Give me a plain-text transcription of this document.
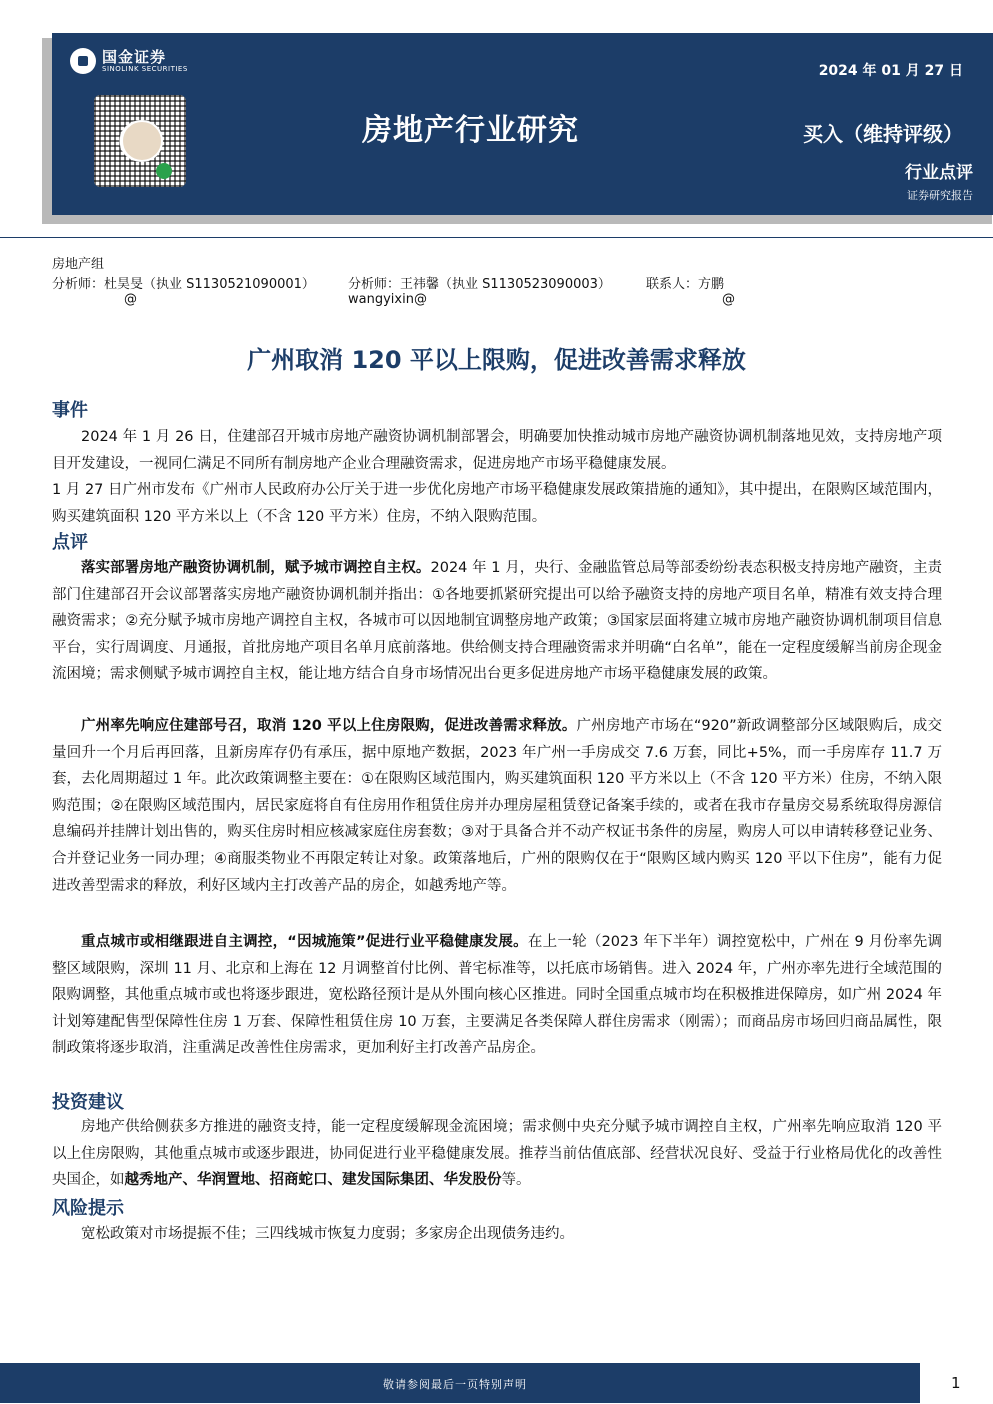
国金证券
SINOLINK SECURITIES	2024 年 01 月 27 日
房地产行业研究	买入（维持评级）
行业点评
证券研究报告
房地产组
分析师：杜昊旻（执业 S1130521090001）
@
分析师：王祎馨（执业 S1130523090003）
wangyixin@
联系人：方鹏
@
广州取消 120 平以上限购，促进改善需求释放
事件
2024 年 1 月 26 日，住建部召开城市房地产融资协调机制部署会，明确要加快推动城市房地产融资协调机制落地见效，支持房地产项目开发建设，一视同仁满足不同所有制房地产企业合理融资需求，促进房地产市场平稳健康发展。
1 月 27 日广州市发布《广州市人民政府办公厅关于进一步优化房地产市场平稳健康发展政策措施的通知》，其中提出，在限购区域范围内，购买建筑面积 120 平方米以上（不含 120 平方米）住房，不纳入限购范围。
点评
落实部署房地产融资协调机制，赋予城市调控自主权。2024 年 1 月，央行、金融监管总局等部委纷纷表态积极支持房地产融资，主责部门住建部召开会议部署落实房地产融资协调机制并指出：①各地要抓紧研究提出可以给予融资支持的房地产项目名单，精准有效支持合理融资需求；②充分赋予城市房地产调控自主权，各城市可以因地制宜调整房地产政策；③国家层面将建立城市房地产融资协调机制项目信息平台，实行周调度、月通报，首批房地产项目名单月底前落地。供给侧支持合理融资需求并明确“白名单”，能在一定程度缓解当前房企现金流困境；需求侧赋予城市调控自主权，能让地方结合自身市场情况出台更多促进房地产市场平稳健康发展的政策。
广州率先响应住建部号召，取消 120 平以上住房限购，促进改善需求释放。广州房地产市场在“920”新政调整部分区域限购后，成交量回升一个月后再回落，且新房库存仍有承压，据中原地产数据，2023 年广州一手房成交 7.6 万套，同比+5%，而一手房库存 11.7 万套，去化周期超过 1 年。此次政策调整主要在：①在限购区域范围内，购买建筑面积 120 平方米以上（不含 120 平方米）住房，不纳入限购范围；②在限购区域范围内，居民家庭将自有住房用作租赁住房并办理房屋租赁登记备案手续的，或者在我市存量房交易系统取得房源信息编码并挂牌计划出售的，购买住房时相应核减家庭住房套数；③对于具备合并不动产权证书条件的房屋，购房人可以申请转移登记业务、合并登记业务一同办理；④商服类物业不再限定转让对象。政策落地后，广州的限购仅在于“限购区域内购买 120 平以下住房”，能有力促进改善型需求的释放，利好区域内主打改善产品的房企，如越秀地产等。
重点城市或相继跟进自主调控，“因城施策”促进行业平稳健康发展。在上一轮（2023 年下半年）调控宽松中，广州在 9 月份率先调整区域限购，深圳 11 月、北京和上海在 12 月调整首付比例、普宅标准等，以托底市场销售。进入 2024 年，广州亦率先进行全域范围的限购调整，其他重点城市或也将逐步跟进，宽松路径预计是从外围向核心区推进。同时全国重点城市均在积极推进保障房，如广州 2024 年计划筹建配售型保障性住房 1 万套、保障性租赁住房 10 万套，主要满足各类保障人群住房需求（刚需）；而商品房市场回归商品属性，限制政策将逐步取消，注重满足改善性住房需求，更加利好主打改善产品房企。
投资建议
房地产供给侧获多方推进的融资支持，能一定程度缓解现金流困境；需求侧中央充分赋予城市调控自主权，广州率先响应取消 120 平以上住房限购，其他重点城市或逐步跟进，协同促进行业平稳健康发展。推荐当前估值底部、经营状况良好、受益于行业格局优化的改善性央国企，如越秀地产、华润置地、招商蛇口、建发国际集团、华发股份等。
风险提示
宽松政策对市场提振不佳；三四线城市恢复力度弱；多家房企出现债务违约。
敬请参阅最后一页特别声明	1
